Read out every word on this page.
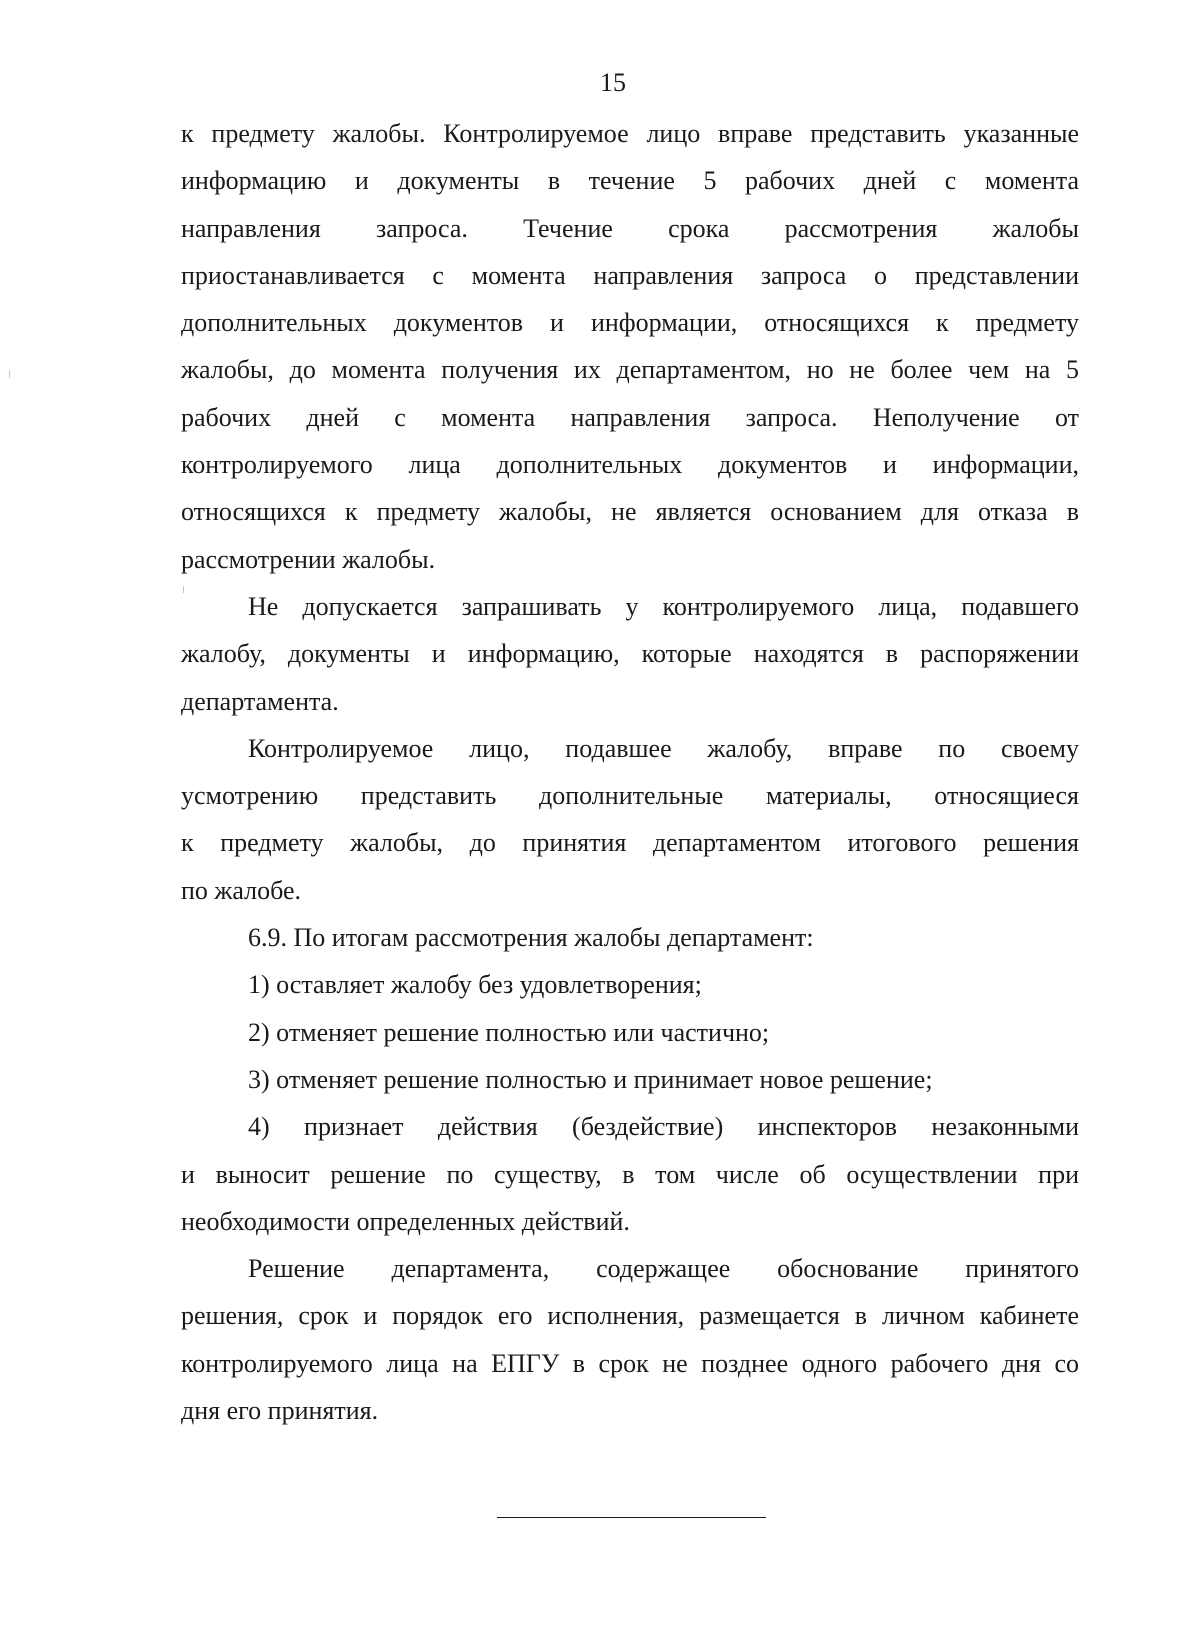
15
к предмету жалобы. Контролируемое лицо вправе представить указанные
информацию и документы в течение 5 рабочих дней с момента
направления запроса. Течение срока рассмотрения жалобы
приостанавливается с момента направления запроса о представлении
дополнительных документов и информации, относящихся к предмету
жалобы, до момента получения их департаментом, но не более чем на 5
рабочих дней с момента направления запроса. Неполучение от
контролируемого лица дополнительных документов и информации,
относящихся к предмету жалобы, не является основанием для отказа в
рассмотрении жалобы.
Не допускается запрашивать у контролируемого лица, подавшего
жалобу, документы и информацию, которые находятся в распоряжении
департамента.
Контролируемое лицо, подавшее жалобу, вправе по своему
усмотрению представить дополнительные материалы, относящиеся
к предмету жалобы, до принятия департаментом итогового решения
по жалобе.
6.9. По итогам рассмотрения жалобы департамент:
1) оставляет жалобу без удовлетворения;
2) отменяет решение полностью или частично;
3) отменяет решение полностью и принимает новое решение;
4) признает действия (бездействие) инспекторов незаконными
и выносит решение по существу, в том числе об осуществлении при
необходимости определенных действий.
Решение департамента, содержащее обоснование принятого
решения, срок и порядок его исполнения, размещается в личном кабинете
контролируемого лица на ЕПГУ в срок не позднее одного рабочего дня со
дня его принятия.
